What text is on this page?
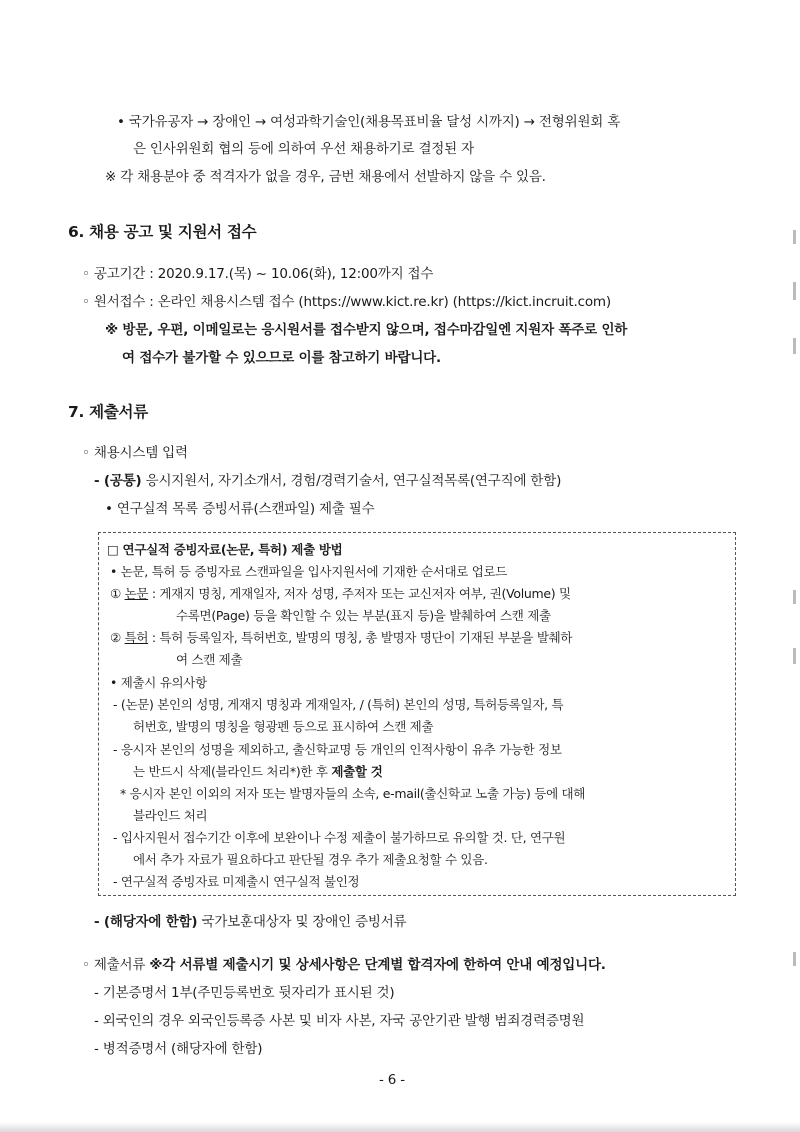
• 국가유공자 → 장애인 → 여성과학기술인(채용목표비율 달성 시까지) → 전형위원회 혹
은 인사위원회 협의 등에 의하여 우선 채용하기로 결정된 자
※ 각 채용분야 중 적격자가 없을 경우, 금번 채용에서 선발하지 않을 수 있음.
6. 채용 공고 및 지원서 접수
◦ 공고기간 : 2020.9.17.(목) ~ 10.06(화), 12:00까지 접수
◦ 원서접수 : 온라인 채용시스템 접수 (https://www.kict.re.kr) (https://kict.incruit.com)
※ 방문, 우편, 이메일로는 응시원서를 접수받지 않으며, 접수마감일엔 지원자 폭주로 인하
여 접수가 불가할 수 있으므로 이를 참고하기 바랍니다.
7. 제출서류
◦ 채용시스템 입력
- (공통) 응시지원서, 자기소개서, 경험/경력기술서, 연구실적목록(연구직에 한함)
• 연구실적 목록 증빙서류(스캔파일) 제출 필수
□ 연구실적 증빙자료(논문, 특허) 제출 방법
• 논문, 특허 등 증빙자료 스캔파일을 입사지원서에 기재한 순서대로 업로드
① 논문 : 게재지 명칭, 게재일자, 저자 성명, 주저자 또는 교신저자 여부, 권(Volume) 및
수록면(Page) 등을 확인할 수 있는 부분(표지 등)을 발췌하여 스캔 제출
② 특허 : 특허 등록일자, 특허번호, 발명의 명칭, 총 발명자 명단이 기재된 부분을 발췌하
여 스캔 제출
• 제출시 유의사항
- (논문) 본인의 성명, 게재지 명칭과 게재일자, / (특허) 본인의 성명, 특허등록일자, 특
허번호, 발명의 명칭을 형광펜 등으로 표시하여 스캔 제출
- 응시자 본인의 성명을 제외하고, 출신학교명 등 개인의 인적사항이 유추 가능한 정보
는 반드시 삭제(블라인드 처리*)한 후 제출할 것
* 응시자 본인 이외의 저자 또는 발명자들의 소속, e-mail(출신학교 노출 가능) 등에 대해
블라인드 처리
- 입사지원서 접수기간 이후에 보완이나 수정 제출이 불가하므로 유의할 것. 단, 연구원
에서 추가 자료가 필요하다고 판단될 경우 추가 제출요청할 수 있음.
- 연구실적 증빙자료 미제출시 연구실적 불인정
- (해당자에 한함) 국가보훈대상자 및 장애인 증빙서류
◦ 제출서류 ※각 서류별 제출시기 및 상세사항은 단계별 합격자에 한하여 안내 예정입니다.
- 기본증명서 1부(주민등록번호 뒷자리가 표시된 것)
- 외국인의 경우 외국인등록증 사본 및 비자 사본, 자국 공안기관 발행 범죄경력증명원
- 병적증명서 (해당자에 한함)
- 6 -
